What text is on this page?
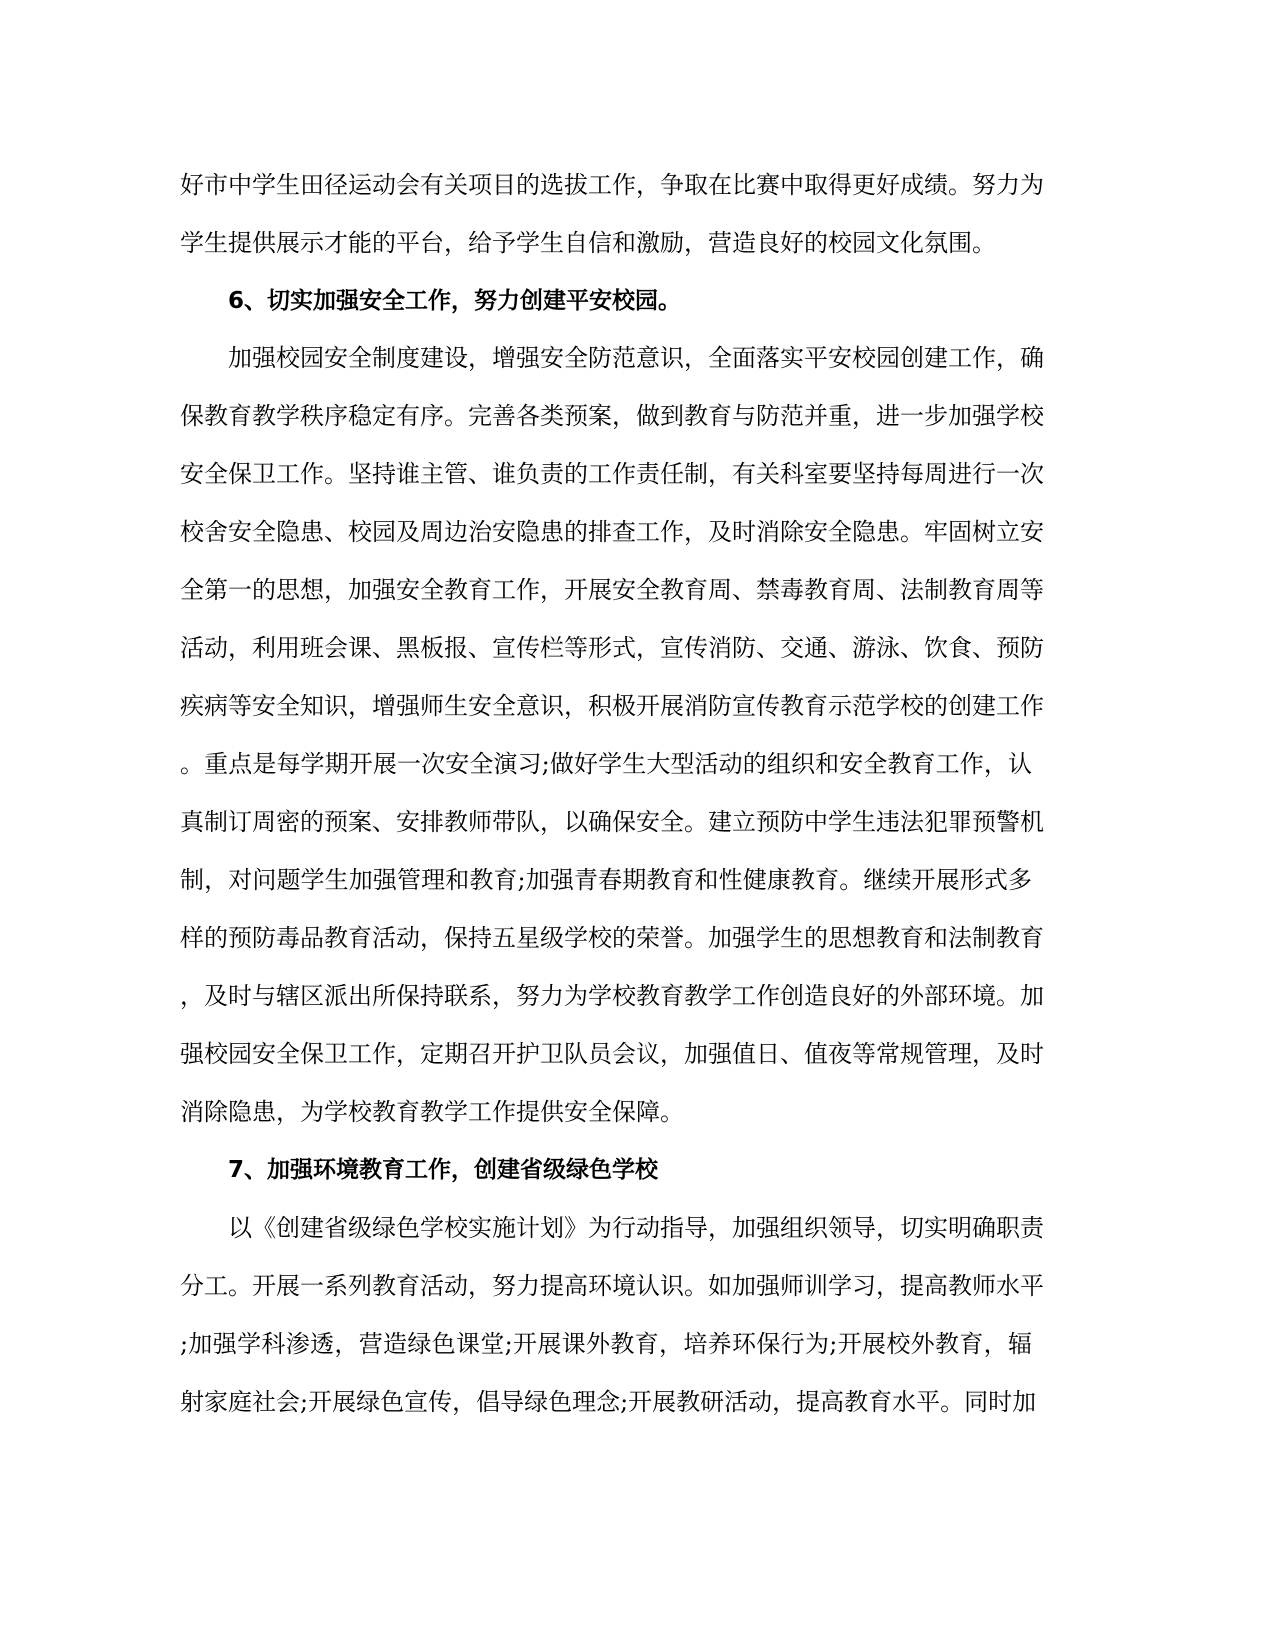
好市中学生田径运动会有关项目的选拔工作，争取在比赛中取得更好成绩。努力为
学生提供展示才能的平台，给予学生自信和激励，营造良好的校园文化氛围。
6、切实加强安全工作，努力创建平安校园。
加强校园安全制度建设，增强安全防范意识，全面落实平安校园创建工作，确
保教育教学秩序稳定有序。完善各类预案，做到教育与防范并重，进一步加强学校
安全保卫工作。坚持谁主管、谁负责的工作责任制，有关科室要坚持每周进行一次
校舍安全隐患、校园及周边治安隐患的排查工作，及时消除安全隐患。牢固树立安
全第一的思想，加强安全教育工作，开展安全教育周、禁毒教育周、法制教育周等
活动，利用班会课、黑板报、宣传栏等形式，宣传消防、交通、游泳、饮食、预防
疾病等安全知识，增强师生安全意识，积极开展消防宣传教育示范学校的创建工作
。重点是每学期开展一次安全演习;做好学生大型活动的组织和安全教育工作，认
真制订周密的预案、安排教师带队，以确保安全。建立预防中学生违法犯罪预警机
制，对问题学生加强管理和教育;加强青春期教育和性健康教育。继续开展形式多
样的预防毒品教育活动，保持五星级学校的荣誉。加强学生的思想教育和法制教育
，及时与辖区派出所保持联系，努力为学校教育教学工作创造良好的外部环境。加
强校园安全保卫工作，定期召开护卫队员会议，加强值日、值夜等常规管理，及时
消除隐患，为学校教育教学工作提供安全保障。
7、加强环境教育工作，创建省级绿色学校
以《创建省级绿色学校实施计划》为行动指导，加强组织领导，切实明确职责
分工。开展一系列教育活动，努力提高环境认识。如加强师训学习，提高教师水平
;加强学科渗透，营造绿色课堂;开展课外教育，培养环保行为;开展校外教育，辐
射家庭社会;开展绿色宣传，倡导绿色理念;开展教研活动，提高教育水平。同时加
